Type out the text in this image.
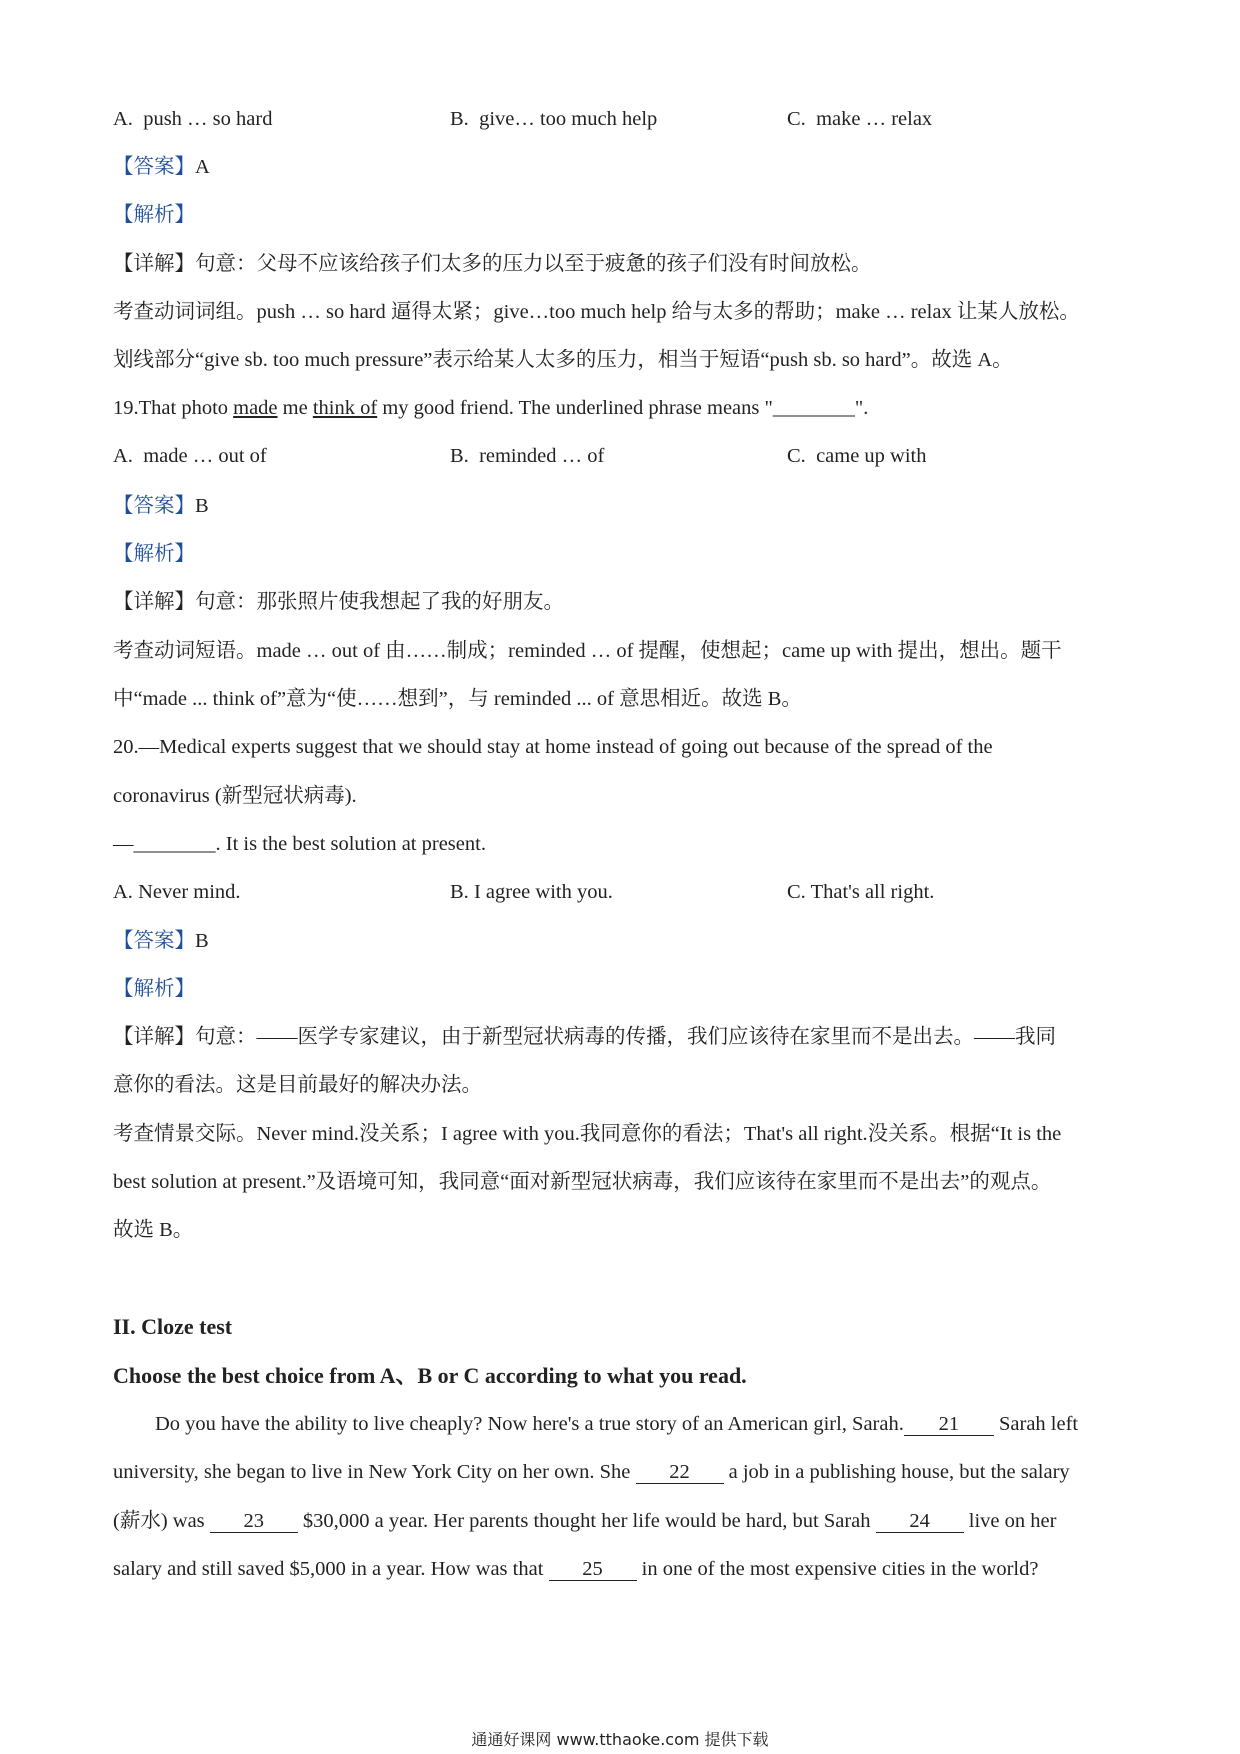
A. push … so hard	B. give… too much help	C. make … relax
【答案】A
【解析】
【详解】句意：父母不应该给孩子们太多的压力以至于疲惫的孩子们没有时间放松。
考查动词词组。push … so hard 逼得太紧；give…too much help 给与太多的帮助；make … relax 让某人放松。
划线部分“give sb. too much pressure”表示给某人太多的压力，相当于短语“push sb. so hard”。故选 A。
19.That photo made me think of my good friend. The underlined phrase means "________".
A. made … out of	B. reminded … of	C. came up with
【答案】B
【解析】
【详解】句意：那张照片使我想起了我的好朋友。
考查动词短语。made … out of 由……制成；reminded … of 提醒，使想起；came up with 提出，想出。题干
中“made ... think of”意为“使……想到”，与 reminded ... of 意思相近。故选 B。
20.—Medical experts suggest that we should stay at home instead of going out because of the spread of the
coronavirus (新型冠状病毒).
—________. It is the best solution at present.
A. Never mind.	B. I agree with you.	C. That's all right.
【答案】B
【解析】
【详解】句意：——医学专家建议，由于新型冠状病毒的传播，我们应该待在家里而不是出去。——我同
意你的看法。这是目前最好的解决办法。
考查情景交际。Never mind.没关系；I agree with you.我同意你的看法；That's all right.没关系。根据“It is the
best solution at present.”及语境可知，我同意“面对新型冠状病毒，我们应该待在家里而不是出去”的观点。
故选 B。
II. Cloze test
Choose the best choice from A、B or C according to what you read.
Do you have the ability to live cheaply? Now here's a true story of an American girl, Sarah. 21 Sarah left
university, she began to live in New York City on her own. She 22 a job in a publishing house, but the salary
(薪水) was 23 $30,000 a year. Her parents thought her life would be hard, but Sarah 24 live on her
salary and still saved $5,000 in a year. How was that 25 in one of the most expensive cities in the world?
通通好课网 www.tthaoke.com 提供下载
